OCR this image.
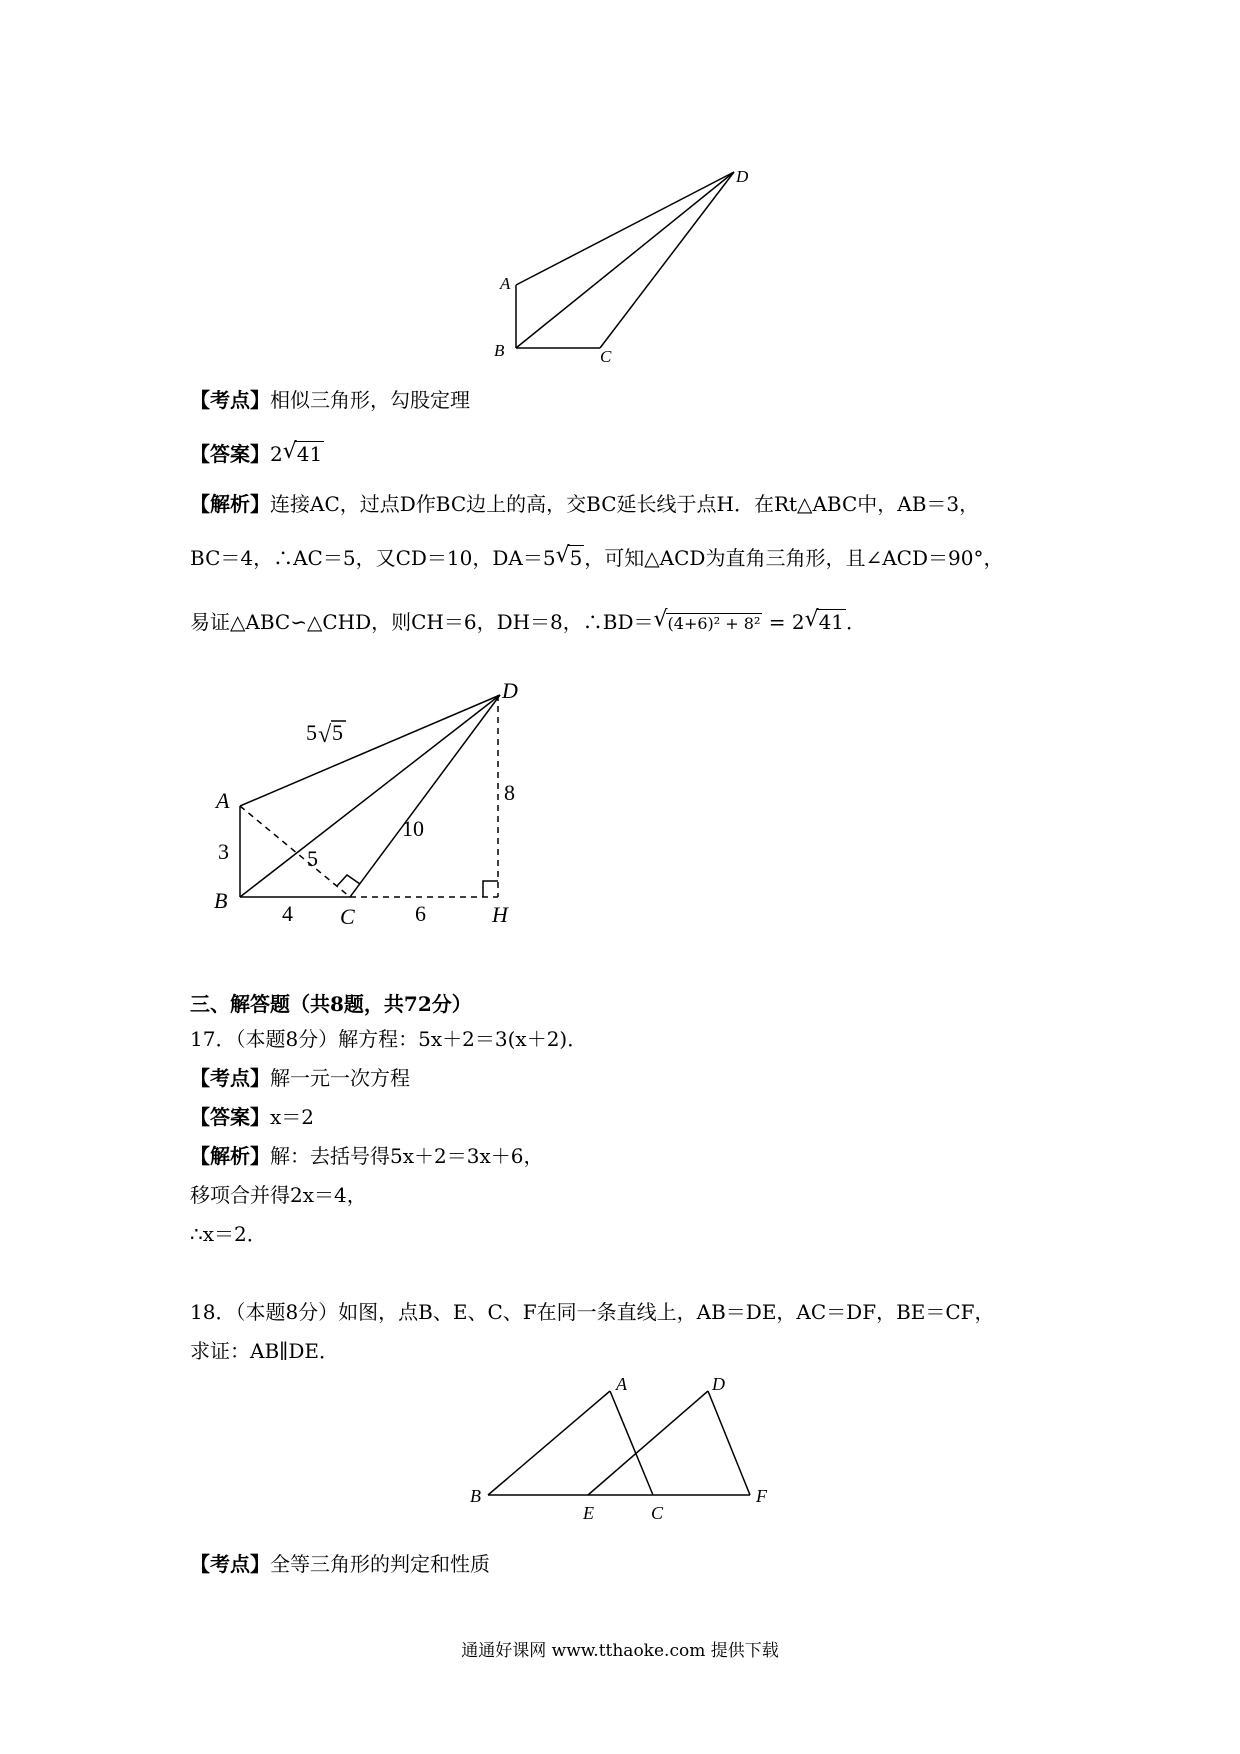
A
B	C
D
【考点】相似三角形，勾股定理
【答案】2 √ 41
【解析】连接AC，过点D作BC边上的高，交BC延长线于点H．在Rt△ABC中，AB＝3，
BC＝4，∴AC＝5，又CD＝10，DA＝5 √ 5 ，可知△ACD为直角三角形，且∠ACD＝90°，
易证△ABC∽△CHD，则CH＝6，DH＝8，∴BD＝ √ (4+6)² + 8² = 2 √ 41 ．
A
B
C
D
H
3
4	6
8
10
5
5 √ 5
三、解答题（共8题，共72分）
17．（本题8分）解方程：5x＋2＝3(x＋2)．
【考点】解一元一次方程
【答案】x＝2
【解析】解：去括号得5x＋2＝3x＋6，
移项合并得2x＝4，
∴x＝2．
18．（本题8分）如图，点B、E、C、F在同一条直线上，AB＝DE，AC＝DF，BE＝CF，
求证：AB∥DE．
A	D
B
E	C
F
【考点】全等三角形的判定和性质
通通好课网 www.tthaoke.com 提供下载
